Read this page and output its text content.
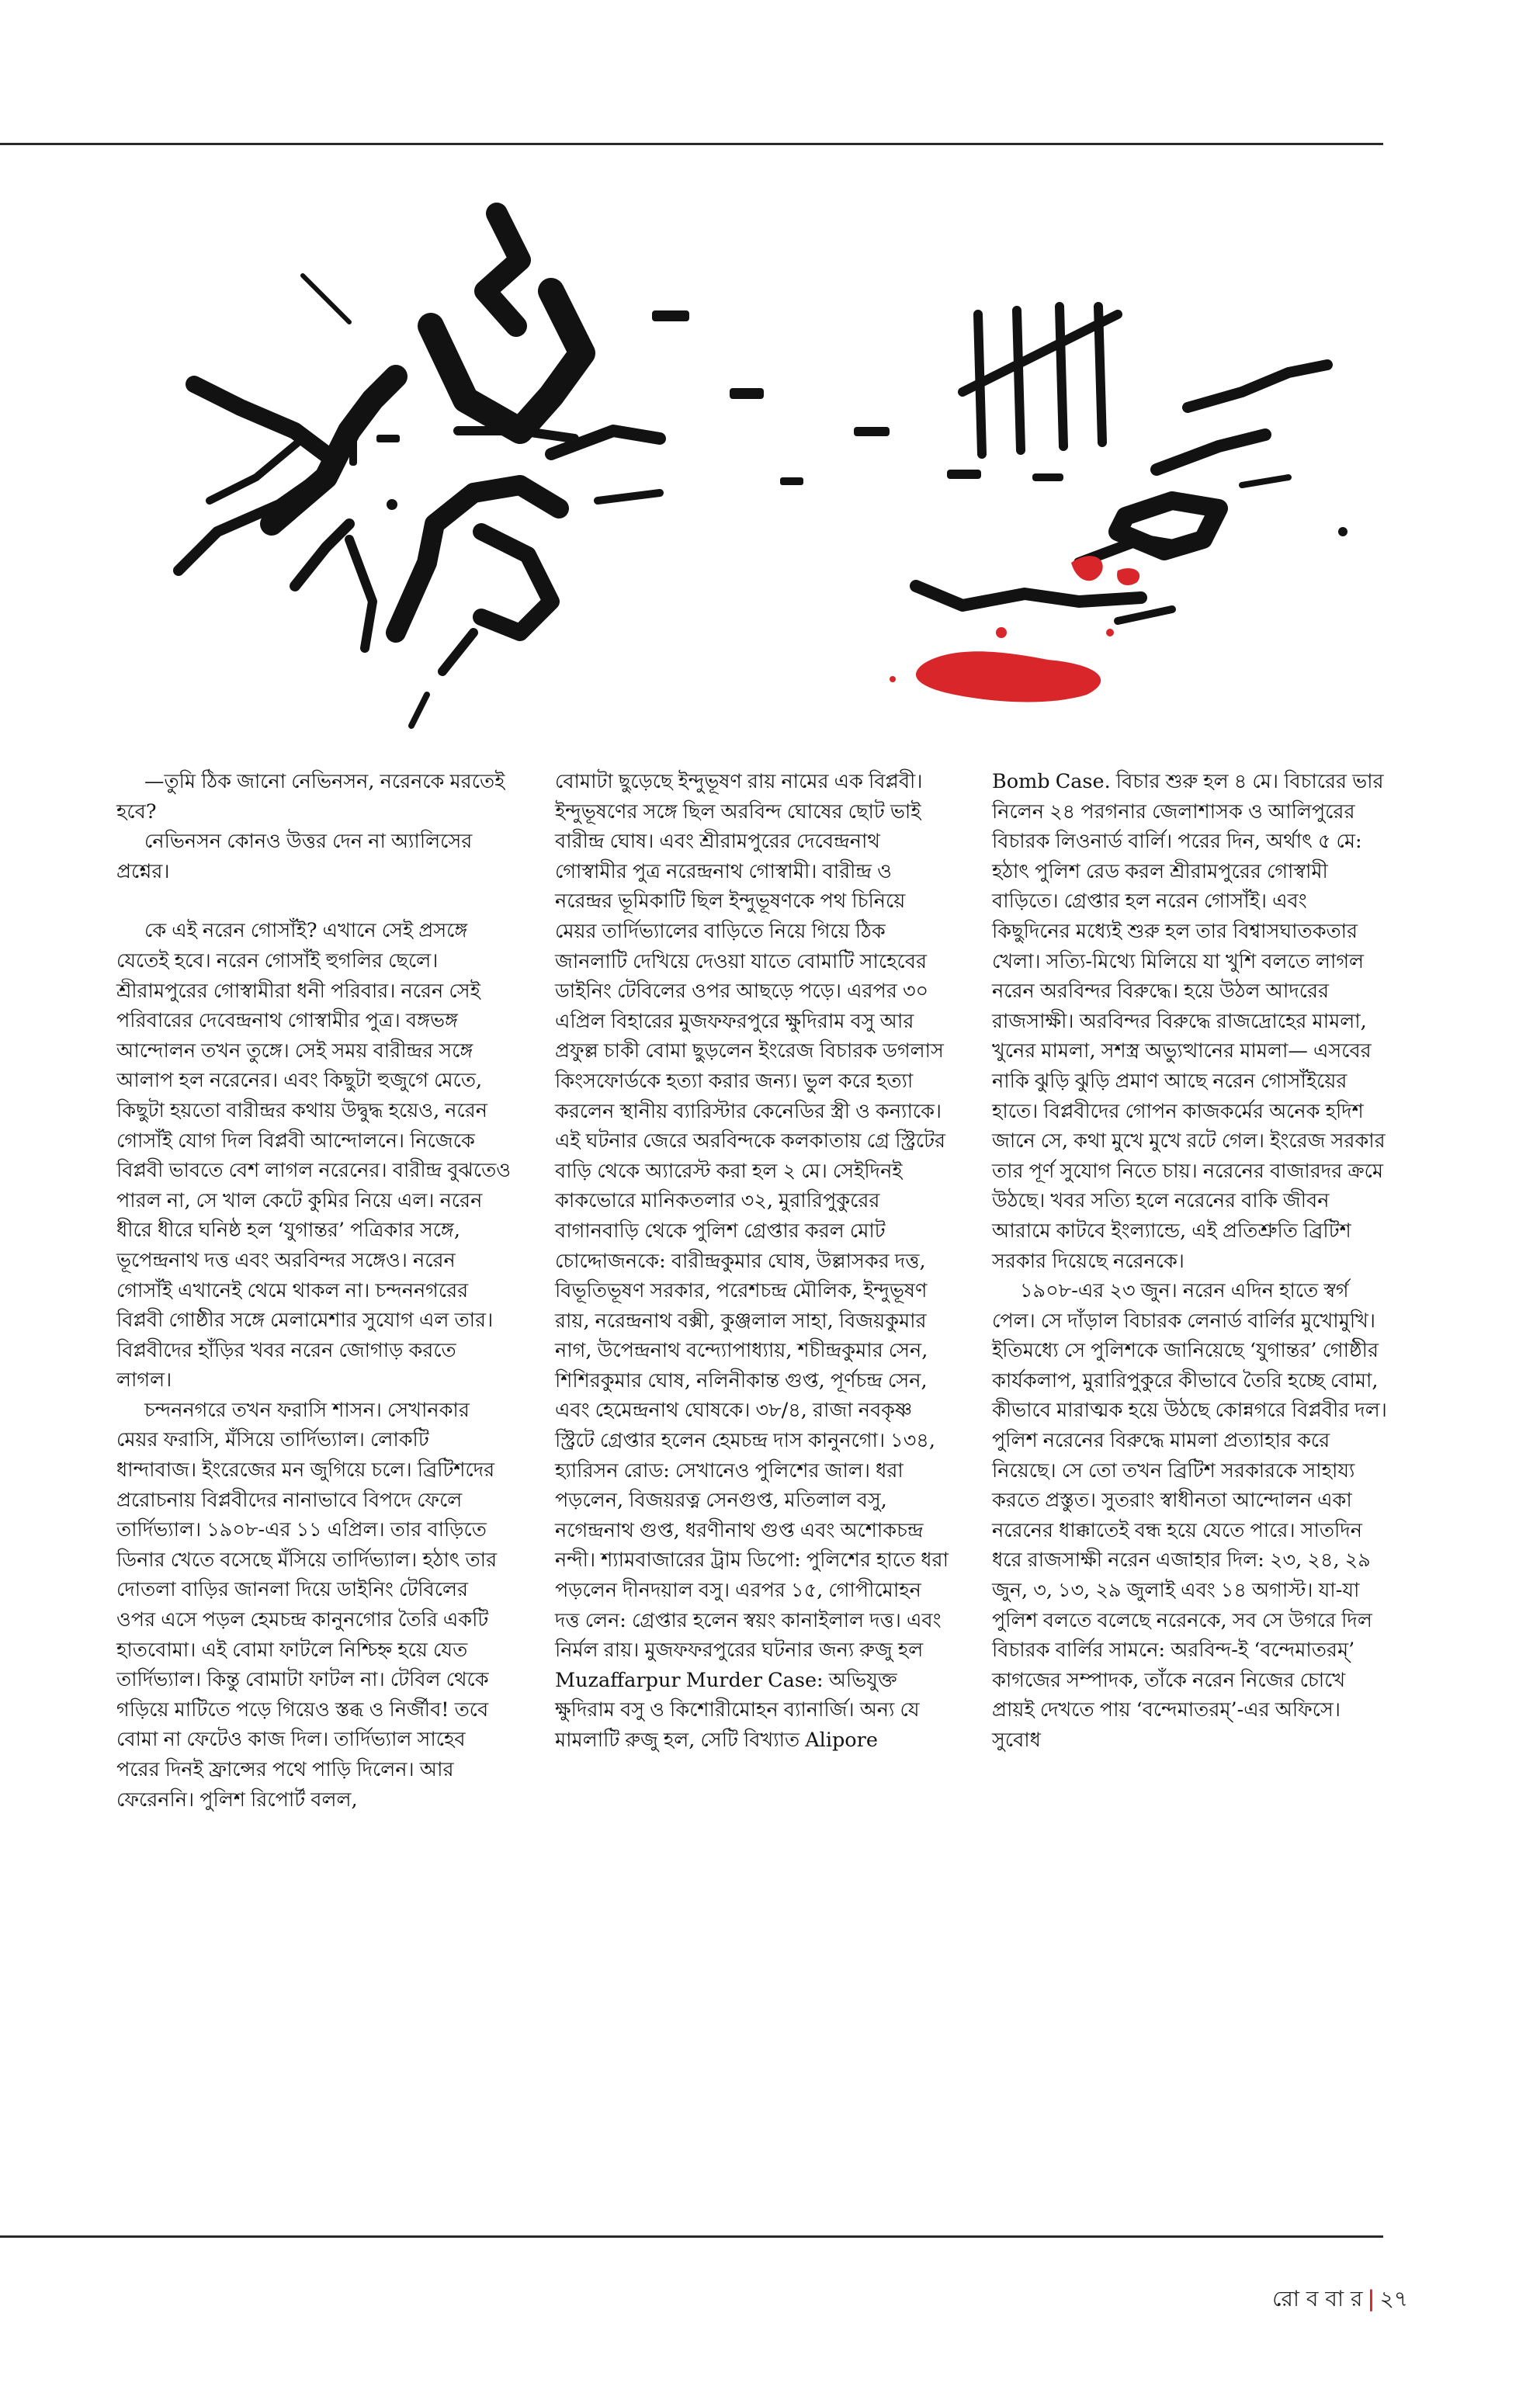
—তুমি ঠিক জানো নেভিনসন, নরেনকে মরতেই হবে?

নেভিনসন কোনও উত্তর দেন না অ্যালিসের প্রশ্নের।

কে এই নরেন গোসাঁই? এখানে সেই প্রসঙ্গে যেতেই হবে। নরেন গোসাঁই হুগলির ছেলে। শ্রীরামপুরের গোস্বামীরা ধনী পরিবার। নরেন সেই পরিবারের দেবেন্দ্রনাথ গোস্বামীর পুত্র। বঙ্গভঙ্গ আন্দোলন তখন তুঙ্গে। সেই সময় বারীন্দ্রর সঙ্গে আলাপ হল নরেনের। এবং কিছুটা হুজুগে মেতে, কিছুটা হয়তো বারীন্দ্রর কথায় উদ্বুদ্ধ হয়েও, নরেন গোসাঁই যোগ দিল বিপ্লবী আন্দোলনে। নিজেকে বিপ্লবী ভাবতে বেশ লাগল নরেনের। বারীন্দ্র বুঝতেও পারল না, সে খাল কেটে কুমির নিয়ে এল। নরেন ধীরে ধীরে ঘনিষ্ঠ হল ‘যুগান্তর’ পত্রিকার সঙ্গে, ভূপেন্দ্রনাথ দত্ত এবং অরবিন্দর সঙ্গেও। নরেন গোসাঁই এখানেই থেমে থাকল না। চন্দননগরের বিপ্লবী গোষ্ঠীর সঙ্গে মেলামেশার সুযোগ এল তার। বিপ্লবীদের হাঁড়ির খবর নরেন জোগাড় করতে লাগল।

চন্দননগরে তখন ফরাসি শাসন। সেখানকার মেয়র ফরাসি, মঁসিয়ে তার্দিভ্যাল। লোকটি ধান্দাবাজ। ইংরেজের মন জুগিয়ে চলে। ব্রিটিশদের প্ররোচনায় বিপ্লবীদের নানাভাবে বিপদে ফেলে তার্দিভ্যাল। ১৯০৮-এর ১১ এপ্রিল। তার বাড়িতে ডিনার খেতে বসেছে মঁসিয়ে তার্দিভ্যাল। হঠাৎ তার দোতলা বাড়ির জানলা দিয়ে ডাইনিং টেবিলের ওপর এসে পড়ল হেমচন্দ্র কানুনগোর তৈরি একটি হাতবোমা। এই বোমা ফাটলে নিশ্চিহ্ন হয়ে যেত তার্দিভ্যাল। কিন্তু বোমাটা ফাটল না। টেবিল থেকে গড়িয়ে মাটিতে পড়ে গিয়েও স্তব্ধ ও নির্জীব! তবে বোমা না ফেটেও কাজ দিল। তার্দিভ্যাল সাহেব পরের দিনই ফ্রান্সের পথে পাড়ি দিলেন। আর ফেরেননি। পুলিশ রিপোর্ট বলল,

বোমাটা ছুড়েছে ইন্দুভূষণ রায় নামের এক বিপ্লবী। ইন্দুভূষণের সঙ্গে ছিল অরবিন্দ ঘোষের ছোট ভাই বারীন্দ্র ঘোষ। এবং শ্রীরামপুরের দেবেন্দ্রনাথ গোস্বামীর পুত্র নরেন্দ্রনাথ গোস্বামী। বারীন্দ্র ও নরেন্দ্রর ভূমিকাটি ছিল ইন্দুভূষণকে পথ চিনিয়ে মেয়র তার্দিভ্যালের বাড়িতে নিয়ে গিয়ে ঠিক জানলাটি দেখিয়ে দেওয়া যাতে বোমাটি সাহেবের ডাইনিং টেবিলের ওপর আছড়ে পড়ে। এরপর ৩০ এপ্রিল বিহারের মুজফফরপুরে ক্ষুদিরাম বসু আর প্রফুল্ল চাকী বোমা ছুড়লেন ইংরেজ বিচারক ডগলাস কিংসফোর্ডকে হত্যা করার জন্য। ভুল করে হত্যা করলেন স্থানীয় ব্যারিস্টার কেনেডির স্ত্রী ও কন্যাকে। এই ঘটনার জেরে অরবিন্দকে কলকাতায় গ্রে স্ট্রিটের বাড়ি থেকে অ্যারেস্ট করা হল ২ মে। সেইদিনই কাকভোরে মানিকতলার ৩২, মুরারিপুকুরের বাগানবাড়ি থেকে পুলিশ গ্রেপ্তার করল মোট চোদ্দোজনকে: বারীন্দ্রকুমার ঘোষ, উল্লাসকর দত্ত, বিভূতিভূষণ সরকার, পরেশচন্দ্র মৌলিক, ইন্দুভূষণ রায়, নরেন্দ্রনাথ বক্সী, কুঞ্জলাল সাহা, বিজয়কুমার নাগ, উপেন্দ্রনাথ বন্দ্যোপাধ্যায়, শচীন্দ্রকুমার সেন, শিশিরকুমার ঘোষ, নলিনীকান্ত গুপ্ত, পূর্ণচন্দ্র সেন, এবং হেমেন্দ্রনাথ ঘোষকে। ৩৮/৪, রাজা নবকৃষ্ণ স্ট্রিটে গ্রেপ্তার হলেন হেমচন্দ্র দাস কানুনগো। ১৩৪, হ্যারিসন রোড: সেখানেও পুলিশের জাল। ধরা পড়লেন, বিজয়রত্ন সেনগুপ্ত, মতিলাল বসু, নগেন্দ্রনাথ গুপ্ত, ধরণীনাথ গুপ্ত এবং অশোকচন্দ্র নন্দী। শ্যামবাজারের ট্রাম ডিপো: পুলিশের হাতে ধরা পড়লেন দীনদয়াল বসু। এরপর ১৫, গোপীমোহন দত্ত লেন: গ্রেপ্তার হলেন স্বয়ং কানাইলাল দত্ত। এবং নির্মল রায়। মুজফফরপুরের ঘটনার জন্য রুজু হল Muzaffarpur Murder Case: অভিযুক্ত ক্ষুদিরাম বসু ও কিশোরীমোহন ব্যানার্জি। অন্য যে মামলাটি রুজু হল, সেটি বিখ্যাত Alipore

Bomb Case. বিচার শুরু হল ৪ মে। বিচারের ভার নিলেন ২৪ পরগনার জেলাশাসক ও আলিপুরের বিচারক লিওনার্ড বার্লি। পরের দিন, অর্থাৎ ৫ মে: হঠাৎ পুলিশ রেড করল শ্রীরামপুরের গোস্বামী বাড়িতে। গ্রেপ্তার হল নরেন গোসাঁই। এবং কিছুদিনের মধ্যেই শুরু হল তার বিশ্বাসঘাতকতার খেলা। সত্যি-মিথ্যে মিলিয়ে যা খুশি বলতে লাগল নরেন অরবিন্দর বিরুদ্ধে। হয়ে উঠল আদরের রাজসাক্ষী। অরবিন্দর বিরুদ্ধে রাজদ্রোহের মামলা, খুনের মামলা, সশস্ত্র অভ্যুত্থানের মামলা— এসবের নাকি ঝুড়ি ঝুড়ি প্রমাণ আছে নরেন গোসাঁইয়ের হাতে। বিপ্লবীদের গোপন কাজকর্মের অনেক হদিশ জানে সে, কথা মুখে মুখে রটে গেল। ইংরেজ সরকার তার পূর্ণ সুযোগ নিতে চায়। নরেনের বাজারদর ক্রমে উঠছে। খবর সত্যি হলে নরেনের বাকি জীবন আরামে কাটবে ইংল্যান্ডে, এই প্রতিশ্রুতি ব্রিটিশ সরকার দিয়েছে নরেনকে।

১৯০৮-এর ২৩ জুন। নরেন এদিন হাতে স্বর্গ পেল। সে দাঁড়াল বিচারক লেনার্ড বার্লির মুখোমুখি। ইতিমধ্যে সে পুলিশকে জানিয়েছে ‘যুগান্তর’ গোষ্ঠীর কার্যকলাপ, মুরারিপুকুরে কীভাবে তৈরি হচ্ছে বোমা, কীভাবে মারাত্মক হয়ে উঠছে কোন্নগরে বিপ্লবীর দল। পুলিশ নরেনের বিরুদ্ধে মামলা প্রত্যাহার করে নিয়েছে। সে তো তখন ব্রিটিশ সরকারকে সাহায্য করতে প্রস্তুত। সুতরাং স্বাধীনতা আন্দোলন একা নরেনের ধাক্কাতেই বন্ধ হয়ে যেতে পারে। সাতদিন ধরে রাজসাক্ষী নরেন এজাহার দিল: ২৩, ২৪, ২৯ জুন, ৩, ১৩, ২৯ জুলাই এবং ১৪ অগাস্ট। যা-যা পুলিশ বলতে বলেছে নরেনকে, সব সে উগরে দিল বিচারক বার্লির সামনে: অরবিন্দ-ই ‘বন্দেমাতরম্’ কাগজের সম্পাদক, তাঁকে নরেন নিজের চোখে প্রায়ই দেখতে পায় ‘বন্দেমাতরম্’-এর অফিসে। সুবোধ

রো ব বা র | ২৭
